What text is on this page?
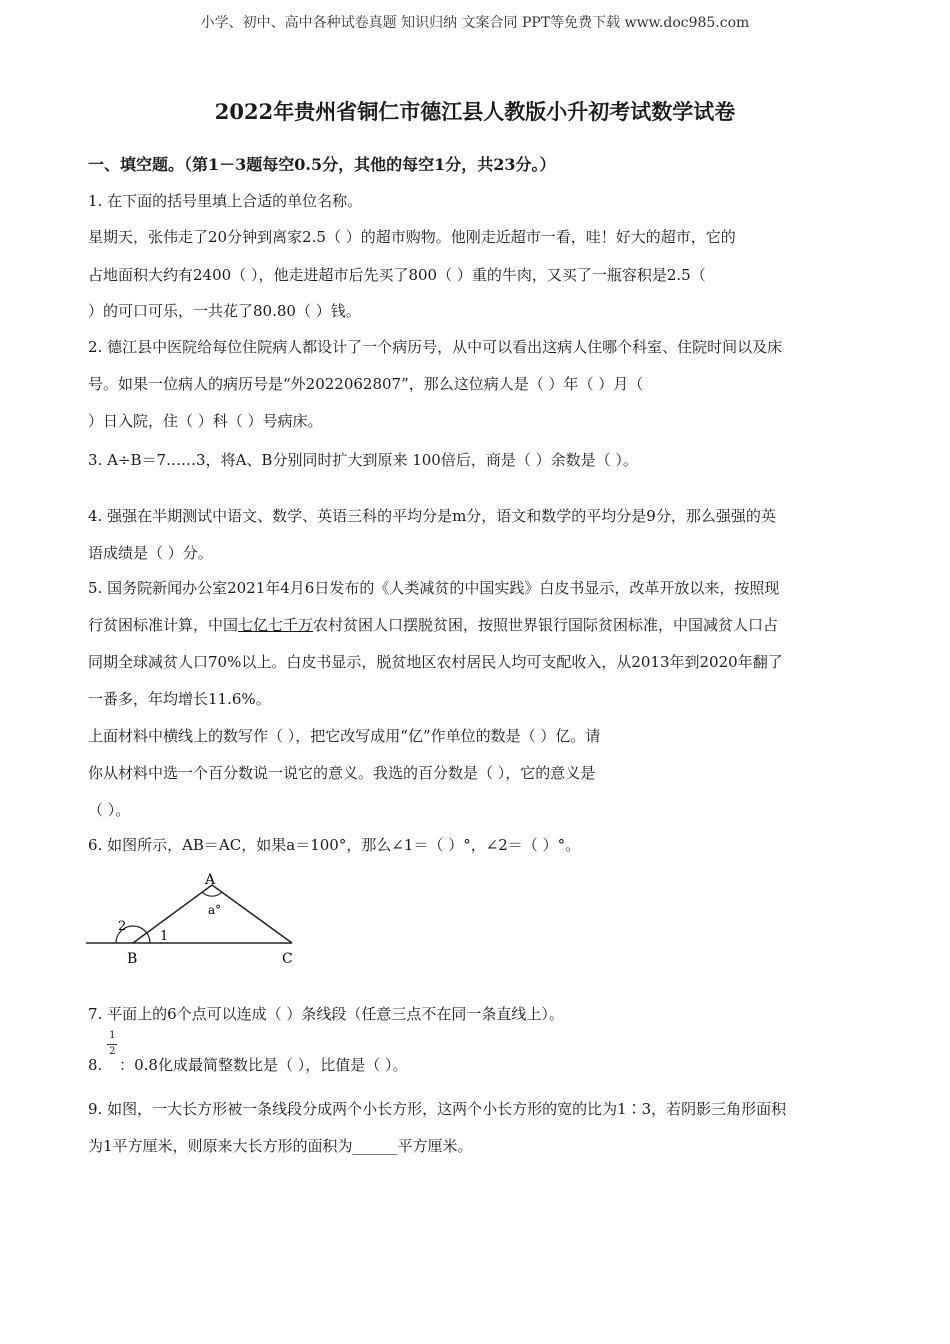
小学、初中、高中各种试卷真题 知识归纳 文案合同 PPT等免费下载 www.doc985.com
2022年贵州省铜仁市德江县人教版小升初考试数学试卷
一、填空题。（第1－3题每空0.5分，其他的每空1分，共23分。）
1. 在下面的括号里填上合适的单位名称。
星期天，张伟走了20分钟到离家2.5（ ）的超市购物。他刚走近超市一看，哇！好大的超市，它的
占地面积大约有2400（ ），他走进超市后先买了800（ ）重的牛肉，又买了一瓶容积是2.5（
）的可口可乐，一共花了80.80（ ）钱。
2. 德江县中医院给每位住院病人都设计了一个病历号，从中可以看出这病人住哪个科室、住院时间以及床
号。如果一位病人的病历号是“外2022062807”，那么这位病人是（ ）年（ ）月（
）日入院，住（ ）科（ ）号病床。
3. A÷B＝7……3，将A、B分别同时扩大到原来 100倍后，商是（ ）余数是（ ）。
4. 强强在半期测试中语文、数学、英语三科的平均分是m分，语文和数学的平均分是9分，那么强强的英
语成绩是（ ）分。
5. 国务院新闻办公室2021年4月6日发布的《人类减贫的中国实践》白皮书显示，改革开放以来，按照现
行贫困标准计算，中国七亿七千万农村贫困人口摆脱贫困，按照世界银行国际贫困标准，中国减贫人口占
同期全球减贫人口70%以上。白皮书显示，脱贫地区农村居民人均可支配收入，从2013年到2020年翻了
一番多，年均增长11.6%。
上面材料中横线上的数写作（ ），把它改写成用“亿”作单位的数是（ ）亿。请
你从材料中选一个百分数说一说它的意义。我选的百分数是（ ），它的意义是
（ ）。
6. 如图所示，AB＝AC，如果a＝100°，那么∠1＝（ ）°，∠2＝（ ）°。
A
a°
1
2
B	C
7. 平面上的6个点可以连成（ ）条线段（任意三点不在同一条直线上）。
8. $\frac{1}{2}$ ：0.8化成最简整数比是（ ），比值是（ ）。
9. 如图，一大长方形被一条线段分成两个小长方形，这两个小长方形的宽的比为1∶3，若阴影三角形面积
为1平方厘米，则原来大长方形的面积为______平方厘米。
